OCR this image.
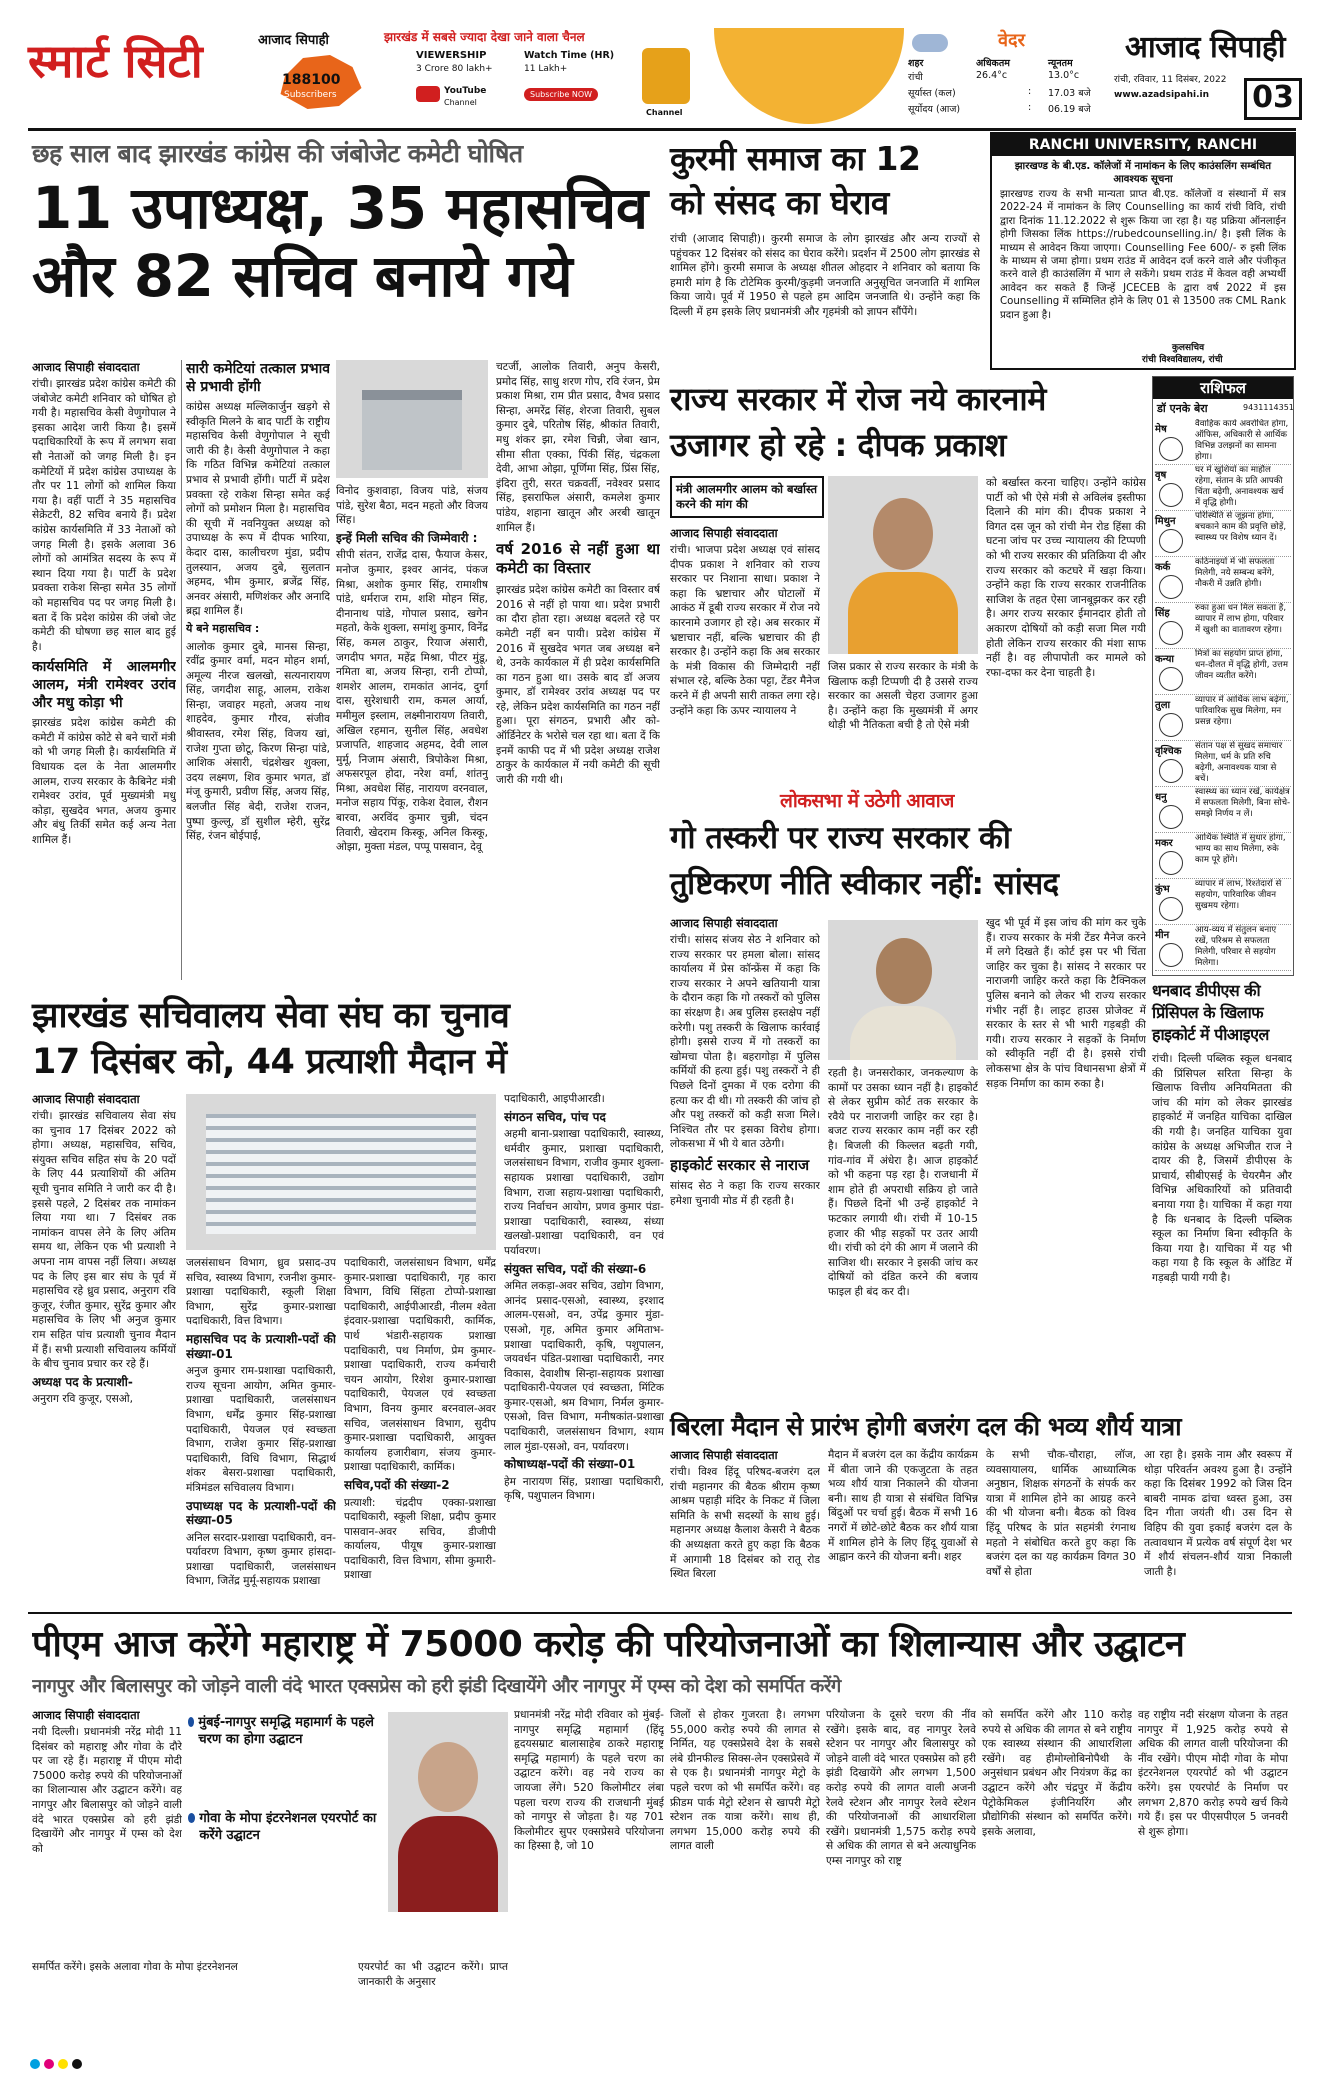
स्मार्ट सिटी	आजाद सिपाही
188100
Subscribers
झारखंड में सबसे ज्यादा देखा जाने वाला चैनल
VIEWERSHIP
3 Crore 80 lakh+
Watch Time (HR)
11 Lakh+
YouTube
Channel
Subscribe NOW
Channel
वेदर
शहर	अधिकतम	न्यूनतम
रांची	26.4°c	13.0°c
सूर्यास्त (कल)	: 17.03 बजे
सूर्योदय (आज)	: 06.19 बजे
आजाद सिपाही
रांची, रविवार, 11 दिसंबर, 2022
www.azadsipahi.in 03
छह साल बाद झारखंड कांग्रेस की जंबोजेट कमेटी घोषित
11 उपाध्यक्ष, 35 महासचिव
और 82 सचिव बनाये गये
आजाद सिपाही संवाददाता

रांची। झारखंड प्रदेश कांग्रेस कमेटी की जंबोजेट कमेटी शनिवार को घोषित हो गयी है। महासचिव केसी वेणुगोपाल ने इसका आदेश जारी किया है। इसमें पदाधिकारियों के रूप में लगभग सवा सौ नेताओं को जगह मिली है। इन कमेटियों में प्रदेश कांग्रेस उपाध्यक्ष के तौर पर 11 लोगों को शामिल किया गया है। वहीं पार्टी ने 35 महासचिव सेक्रेटरी, 82 सचिव बनाये हैं। प्रदेश कांग्रेस कार्यसमिति में 33 नेताओं को जगह मिली है। इसके अलावा 36 लोगों को आमंत्रित सदस्य के रूप में स्थान दिया गया है। पार्टी के प्रदेश प्रवक्ता राकेश सिन्हा समेत 35 लोगों को महासचिव पद पर जगह मिली है। बता दें कि प्रदेश कांग्रेस की जंबो जेट कमेटी की घोषणा छह साल बाद हुई है।

कार्यसमिति में आलमगीर आलम, मंत्री रामेश्वर उरांव और मधु कोड़ा भी

झारखंड प्रदेश कांग्रेस कमेटी की कमेटी में कांग्रेस कोटे से बने चारों मंत्री को भी जगह मिली है। कार्यसमिति में विधायक दल के नेता आलमगीर आलम, राज्य सरकार के कैबिनेट मंत्री रामेश्वर उरांव, पूर्व मुख्यमंत्री मधु कोड़ा, सुखदेव भगत, अजय कुमार और बंधु तिर्की समेत कई अन्य नेता शामिल हैं।

सारी कमेटियां तत्काल प्रभाव से प्रभावी होंगी

कांग्रेस अध्यक्ष मल्लिकार्जुन खड़गे से स्वीकृति मिलने के बाद पार्टी के राष्ट्रीय महासचिव केसी वेणुगोपाल ने सूची जारी की है। केसी वेणुगोपाल ने कहा कि गठित विभिन्न कमेटियां तत्काल प्रभाव से प्रभावी होंगी। पार्टी में प्रदेश प्रवक्ता रहे राकेश सिन्हा समेत कई लोगों को प्रमोशन मिला है। महासचिव की सूची में नवनियुक्त अध्यक्ष को उपाध्यक्ष के रूप में दीपक भारिया, केदार दास, कालीचरण मुंडा, प्रदीप तुलस्यान, अजय दुबे, सुलतान अहमद, भीम कुमार, ब्रजेंद्र सिंह, अनवर अंसारी, मणिशंकर और अनादि ब्रह्म शामिल हैं।

ये बने महासचिव :

आलोक कुमार दुबे, मानस सिन्हा, रवींद्र कुमार वर्मा, मदन मोहन शर्मा, अमूल्य नीरज खलखो, सत्यनारायण सिंह, जगदीश साहू, आलम, राकेश सिन्हा, जवाहर महतो, अजय नाथ शाहदेव, कुमार गौरव, संजीव श्रीवास्तव, रमेश सिंह, विजय खां, राजेश गुप्ता छोटू, किरण सिन्हा पांडे, आशिक अंसारी, चंद्रशेखर शुक्ला, उदय लक्ष्मण, शिव कुमार भगत, डॉ मंजू कुमारी, प्रवीण सिंह, अजय सिंह, बलजीत सिंह बेदी, राजेश राजन, पुष्पा कुल्लू, डॉ सुशील म्हेरी, सुरेंद्र सिंह, रंजन बोईपाई,

विनोद कुशवाहा, विजय पांडे, संजय पांडे, सुरेश बैठा, मदन महतो और विजय सिंह।

इन्हें मिली सचिव की जिम्मेवारी :

सीपी संतन, राजेंद्र दास, फैयाज केसर, मनोज कुमार, इश्वर आनंद, पंकज मिश्रा, अशोक कुमार सिंह, रामाशीष पांडे, धर्मराज राम, शशि मोहन सिंह, दीनानाथ पांडे, गोपाल प्रसाद, खगेन महतो, केके शुक्ला, समांशु कुमार, विनेंद्र सिंह, कमल ठाकुर, रियाज अंसारी, जगदीप भगत, महेंद्र मिश्रा, पीटर मुंडू, नमिता बा, अजय सिन्हा, रानी टोप्पो, शमशेर आलम, रामकांत आनंद, दुर्गा दास, सुरेशधारी राम, कमल आर्या, ममीमुल इस्लाम, लक्ष्मीनारायण तिवारी, अखिल रहमान, सुनील सिंह, अवधेश प्रजापति, शाहजाद अहमद, देवी लाल मुर्मू, निजाम अंसारी, त्रिपोकेश मिश्रा, अफसरपूल होदा, नरेश वर्मा, शांतनु मिश्रा, अवधेश सिंह, नारायण वरनवाल, मनोज सहाय पिंकू, राकेश देवाल, रौशन बारवा, अरविंद कुमार चुन्नी, चंदन तिवारी, खेदराम किस्कू, अनिल किस्कू, ओझा, मुक्ता मंडल, पप्पू पासवान, देवू

चटर्जी, आलोक तिवारी, अनुप केसरी, प्रमोद सिंह, साधु शरण गोप, रवि रंजन, प्रेम प्रकाश मिश्रा, राम प्रीत प्रसाद, वैभव प्रसाद सिन्हा, अमरेंद्र सिंह, शेरजा तिवारी, सुबल कुमार दुबे, परितोष सिंह, श्रीकांत तिवारी, मधु शंकर झा, रमेश चिन्नी, जेबा खान, सीमा सीता एक्का, पिंकी सिंह, चंद्रकला देवी, आभा ओझा, पूर्णिमा सिंह, प्रिंस सिंह, इंदिरा तुरी, सरत चक्रवर्ती, नवेश्वर प्रसाद सिंह, इसराफिल अंसारी, कमलेश कुमार पांडेय, शहाना खातून और अरबी खातून शामिल हैं।

वर्ष 2016 से नहीं हुआ था कमेटी का विस्तार

झारखंड प्रदेश कांग्रेस कमेटी का विस्तार वर्ष 2016 से नहीं हो पाया था। प्रदेश प्रभारी का दौरा होता रहा। अध्यक्ष बदलते रहे पर कमेटी नहीं बन पायी। प्रदेश कांग्रेस में 2016 में सुखदेव भगत जब अध्यक्ष बने थे, उनके कार्यकाल में ही प्रदेश कार्यसमिति का गठन हुआ था। उसके बाद डॉ अजय कुमार, डॉ रामेश्वर उरांव अध्यक्ष पद पर रहे, लेकिन प्रदेश कार्यसमिति का गठन नहीं हुआ। पूरा संगठन, प्रभारी और को-ऑर्डिनेटर के भरोसे चल रहा था। बता दें कि इनमें काफी पद में भी प्रदेश अध्यक्ष राजेश ठाकुर के कार्यकाल में नयी कमेटी की सूची जारी की गयी थी।

कुरमी समाज का 12
को संसद का घेराव
रांची (आजाद सिपाही)। कुरमी समाज के लोग झारखंड और अन्य राज्यों से पहुंचकर 12 दिसंबर को संसद का घेराव करेंगे। प्रदर्शन में 2500 लोग झारखंड से शामिल होंगे। कुरमी समाज के अध्यक्ष शीतल ओहदार ने शनिवार को बताया कि हमारी मांग है कि टोटेमिक कुरमी/कुड़मी जनजाति अनुसूचित जनजाति में शामिल किया जाये। पूर्व में 1950 से पहले हम आदिम जनजाति थे। उन्होंने कहा कि दिल्ली में हम इसके लिए प्रधानमंत्री और गृहमंत्री को ज्ञापन सौंपेंगे।
RANCHI UNIVERSITY, RANCHI
झारखण्ड के बी.एड. कॉलेजों में नामांकन के लिए काउंसलिंग सम्बंधित आवश्यक सूचना
झारखण्ड राज्य के सभी मान्यता प्राप्त बी.एड. कॉलेजों व संस्थानों में सत्र 2022-24 में नामांकन के लिए Counselling का कार्य रांची विवि, रांची द्वारा दिनांक 11.12.2022 से शुरू किया जा रहा है। यह प्रक्रिया ऑनलाईन होगी जिसका लिंक https://rubedcounselling.in/ है। इसी लिंक के माध्यम से आवेदन किया जाएगा। Counselling Fee 600/- रु इसी लिंक के माध्यम से जमा होगा। प्रथम राउंड में आवेदन दर्ज करने वाले और पंजीकृत करने वाले ही काउंसलिंग में भाग ले सकेंगे। प्रथम राउंड में केवल वही अभ्यर्थी आवेदन कर सकते हैं जिन्हें JCECEB के द्वारा वर्ष 2022 में इस Counselling में सम्मिलित होने के लिए 01 से 13500 तक CML Rank प्रदान हुआ है।
कुलसचिव
रांची विश्वविद्यालय, रांची
राज्य सरकार में रोज नये कारनामे
उजागर हो रहे : दीपक प्रकाश
मंत्री आलमगीर आलम को बर्खास्त करने की मांग की
आजाद सिपाही संवाददाता

रांची। भाजपा प्रदेश अध्यक्ष एवं सांसद दीपक प्रकाश ने शनिवार को राज्य सरकार पर निशाना साधा। प्रकाश ने कहा कि भ्रष्टाचार और घोटालों में आकंठ में डूबी राज्य सरकार में रोज नये कारनामे उजागर हो रहे। अब सरकार में भ्रष्टाचार नहीं, बल्कि भ्रष्टाचार की ही सरकार है। उन्होंने कहा कि अब सरकार के मंत्री विकास की जिम्मेदारी नहीं संभाल रहे, बल्कि ठेका पट्टा, टेंडर मैनेज करने में ही अपनी सारी ताकत लगा रहे। उन्होंने कहा कि ऊपर न्यायालय ने

जिस प्रकार से राज्य सरकार के मंत्री के खिलाफ कड़ी टिप्पणी दी है उससे राज्य सरकार का असली चेहरा उजागर हुआ है। उन्होंने कहा कि मुख्यमंत्री में अगर थोड़ी भी नैतिकता बची है तो ऐसे मंत्री
को बर्खास्त करना चाहिए। उन्होंने कांग्रेस पार्टी को भी ऐसे मंत्री से अविलंब इस्तीफा दिलाने की मांग की। दीपक प्रकाश ने विगत दस जून को रांची मेन रोड हिंसा की घटना जांच पर उच्च न्यायालय की टिप्पणी को भी राज्य सरकार की प्रतिक्रिया दी और राज्य सरकार को कटघरे में खड़ा किया। उन्होंने कहा कि राज्य सरकार राजनीतिक साजिश के तहत ऐसा जानबूझकर कर रही है। अगर राज्य सरकार ईमानदार होती तो अकारण दोषियों को कड़ी सजा मिल गयी होती लेकिन राज्य सरकार की मंशा साफ नहीं है। वह लीपापोती कर मामले को रफा-दफा कर देना चाहती है।
राशिफल
डॉ एनके बेरा	9431114351
मेष	वैवाहिक कार्य अवरोधित होगा, ऑफिस, अधिकारी से आर्थिक विभिन्न उलझनों का सामना होगा।
वृष	घर में खुशियों का माहौल रहेगा, संतान के प्रति आपकी चिंता बढ़ेगी, अनावश्यक खर्च में वृद्धि होगी।
मिथुन	परिस्थिति से जूझना होगा, बचकाने काम की प्रवृत्ति छोड़ें, स्वास्थ्य पर विशेष ध्यान दें।
कर्क	कठिनाइयों में भी सफलता मिलेगी, नये सम्बन्ध बनेंगे, नौकरी में उन्नति होगी।
सिंह	रुका हुआ धन मिल सकता है, व्यापार में लाभ होगा, परिवार में खुशी का वातावरण रहेगा।
कन्या	मित्रों का सहयोग प्राप्त होगा, धन-दौलत में वृद्धि होगी, उत्तम जीवन व्यतीत करेंगे।
तुला	व्यापार में आर्थिक लाभ बढ़ेगा, पारिवारिक सुख मिलेगा, मन प्रसन्न रहेगा।
वृश्चिक	संतान पक्ष से सुखद समाचार मिलेगा, धर्म के प्रति रुचि बढ़ेगी, अनावश्यक यात्रा से बचें।
धनु	स्वास्थ्य का ध्यान रखें, कार्यक्षेत्र में सफलता मिलेगी, बिना सोचे-समझे निर्णय न लें।
मकर	आर्थिक स्थिति में सुधार होगा, भाग्य का साथ मिलेगा, रुके काम पूरे होंगे।
कुंभ	व्यापार में लाभ, रिश्तेदारों से सहयोग, पारिवारिक जीवन सुखमय रहेगा।
मीन	आय-व्यय में संतुलन बनाए रखें, परिश्रम से सफलता मिलेगी, परिवार से सहयोग मिलेगा।
लोकसभा में उठेगी आवाज
गो तस्करी पर राज्य सरकार की
तुष्टिकरण नीति स्वीकार नहीं: सांसद
आजाद सिपाही संवाददाता

रांची। सांसद संजय सेठ ने शनिवार को राज्य सरकार पर हमला बोला। सांसद कार्यालय में प्रेस कॉन्फ्रेंस में कहा कि राज्य सरकार ने अपने खतियानी यात्रा के दौरान कहा कि गो तस्करों को पुलिस का संरक्षण है। अब पुलिस हस्तक्षेप नहीं करेगी। पशु तस्करी के खिलाफ कार्रवाई होगी। इससे राज्य में गो तस्करों का खोमचा पोता है। बहरागोड़ा में पुलिस कर्मियों की हत्या हुई। पशु तस्करों ने ही पिछले दिनों दुमका में एक दरोगा की हत्या कर दी थी। गो तस्करी की जांच हो और पशु तस्करों को कड़ी सजा मिले। निश्चित तौर पर इसका विरोध होगा। लोकसभा में भी ये बात उठेगी।

हाइकोर्ट सरकार से नाराज

सांसद सेठ ने कहा कि राज्य सरकार हमेशा चुनावी मोड में ही रहती है।

रहती है। जनसरोकार, जनकल्याण के कामों पर उसका ध्यान नहीं है। हाइकोर्ट से लेकर सुप्रीम कोर्ट तक सरकार के रवैये पर नाराजगी जाहिर कर रहा है। बजट राज्य सरकार काम नहीं कर रही है। बिजली की किल्लत बढ़ती गयी, गांव-गांव में अंधेरा है। आज हाइकोर्ट को भी कहना पड़ रहा है। राजधानी में शाम होते ही अपराधी सक्रिय हो जाते हैं। पिछले दिनों भी उन्हें हाइकोर्ट ने फटकार लगायी थी। रांची में 10-15 हजार की भीड़ सड़कों पर उतर आयी थी। रांची को दंगे की आग में जलाने की साजिश थी। सरकार ने इसकी जांच कर दोषियों को दंडित करने की बजाय फाइल ही बंद कर दी।
खुद भी पूर्व में इस जांच की मांग कर चुके हैं। राज्य सरकार के मंत्री टेंडर मैनेज करने में लगे दिखते हैं। कोर्ट इस पर भी चिंता जाहिर कर चुका है। सांसद ने सरकार पर नाराजगी जाहिर करते कहा कि टैक्निकल पुलिस बनाने को लेकर भी राज्य सरकार गंभीर नहीं है। लाइट हाउस प्रोजेक्ट में सरकार के स्तर से भी भारी गड़बड़ी की गयी। राज्य सरकार ने सड़कों के निर्माण को स्वीकृति नहीं दी है। इससे रांची लोकसभा क्षेत्र के पांच विधानसभा क्षेत्रों में सड़क निर्माण का काम रुका है।
धनबाद डीपीएस की
प्रिंसिपल के खिलाफ
हाइकोर्ट में पीआइएल
रांची। दिल्ली पब्लिक स्कूल धनबाद की प्रिंसिपल सरिता सिन्हा के खिलाफ वित्तीय अनियमितता की जांच की मांग को लेकर झारखंड हाइकोर्ट में जनहित याचिका दाखिल की गयी है। जनहित याचिका युवा कांग्रेस के अध्यक्ष अभिजीत राज ने दायर की है, जिसमें डीपीएस के प्राचार्य, सीबीएसई के चेयरमैन और विभिन्न अधिकारियों को प्रतिवादी बनाया गया है। याचिका में कहा गया है कि धनबाद के दिल्ली पब्लिक स्कूल का निर्माण बिना स्वीकृति के किया गया है। याचिका में यह भी कहा गया है कि स्कूल के ऑडिट में गड़बड़ी पायी गयी है।
झारखंड सचिवालय सेवा संघ का चुनाव
17 दिसंबर को, 44 प्रत्याशी मैदान में
आजाद सिपाही संवाददाता

रांची। झारखंड सचिवालय सेवा संघ का चुनाव 17 दिसंबर 2022 को होगा। अध्यक्ष, महासचिव, सचिव, संयुक्त सचिव सहित संघ के 20 पदों के लिए 44 प्रत्याशियों की अंतिम सूची चुनाव समिति ने जारी कर दी है। इससे पहले, 2 दिसंबर तक नामांकन लिया गया था। 7 दिसंबर तक नामांकन वापस लेने के लिए अंतिम समय था, लेकिन एक भी प्रत्याशी ने अपना नाम वापस नहीं लिया। अध्यक्ष पद के लिए इस बार संघ के पूर्व में महासचिव रहे ध्रुव प्रसाद, अनुराग रवि कुजूर, रंजीत कुमार, सुरेंद्र कुमार और महासचिव के लिए भी अनुज कुमार राम सहित पांच प्रत्याशी चुनाव मैदान में हैं। सभी प्रत्याशी सचिवालय कर्मियों के बीच चुनाव प्रचार कर रहे हैं।

अध्यक्ष पद के प्रत्याशी-

अनुराग रवि कुजूर, एसओ,

जलसंसाधन विभाग, ध्रुव प्रसाद-उप सचिव, स्वास्थ्य विभाग, रजनीश कुमार-प्रशाखा पदाधिकारी, स्कूली शिक्षा विभाग, सुरेंद्र कुमार-प्रशाखा पदाधिकारी, वित्त विभाग।

महासचिव पद के प्रत्याशी-पदों की संख्या-01

अनुज कुमार राम-प्रशाखा पदाधिकारी, राज्य सूचना आयोग, अमित कुमार-प्रशाखा पदाधिकारी, जलसंसाधन विभाग, धर्मेंद्र कुमार सिंह-प्रशाखा पदाधिकारी, पेयजल एवं स्वच्छता विभाग, राजेश कुमार सिंह-प्रशाखा पदाधिकारी, विधि विभाग, सिद्धार्थ शंकर बेसरा-प्रशाखा पदाधिकारी, मंत्रिमंडल सचिवालय विभाग।

उपाध्यक्ष पद के प्रत्याशी-पदों की संख्या-05

अनिल सरदार-प्रशाखा पदाधिकारी, वन-पर्यावरण विभाग, कृष्ण कुमार हांसदा-प्रशाखा पदाधिकारी, जलसंसाधन विभाग, जितेंद्र मुर्मू-सहायक प्रशाखा

पदाधिकारी, जलसंसाधन विभाग, धर्मेंद्र कुमार-प्रशाखा पदाधिकारी, गृह कारा विभाग, विधि सिंहता टोप्पो-प्रशाखा पदाधिकारी, आईपीआरडी, नीलम श्वेता इंदवार-प्रशाखा पदाधिकारी, कार्मिक, पार्थ भंडारी-सहायक प्रशाखा पदाधिकारी, पथ निर्माण, प्रेम कुमार-प्रशाखा पदाधिकारी, राज्य कर्मचारी चयन आयोग, रिशेश कुमार-प्रशाखा पदाधिकारी, पेयजल एवं स्वच्छता विभाग, विनय कुमार बरनवाल-अवर सचिव, जलसंसाधन विभाग, सुदीप कुमार-प्रशाखा पदाधिकारी, आयुक्त कार्यालय हजारीबाग, संजय कुमार-प्रशाखा पदाधिकारी, कार्मिक।

सचिव,पदों की संख्या-2

प्रत्याशी: चंद्रदीप एक्का-प्रशाखा पदाधिकारी, स्कूली शिक्षा, प्रदीप कुमार पासवान-अवर सचिव, डीजीपी कार्यालय, पीयूष कुमार-प्रशाखा पदाधिकारी, वित्त विभाग, सीमा कुमारी-प्रशाखा

पदाधिकारी, आइपीआरडी।

संगठन सचिव, पांच पद

अहमी बाना-प्रशाखा पदाधिकारी, स्वास्थ्य, धर्मवीर कुमार, प्रशाखा पदाधिकारी, जलसंसाधन विभाग, राजीव कुमार शुक्ला-सहायक प्रशाखा पदाधिकारी, उद्योग विभाग, राजा सहाय-प्रशाखा पदाधिकारी, राज्य निर्वाचन आयोग, प्रणव कुमार पंडा-प्रशाखा पदाधिकारी, स्वास्थ्य, संध्या खलखो-प्रशाखा पदाधिकारी, वन एवं पर्यावरण।

संयुक्त सचिव, पदों की संख्या-6

अमित लकड़ा-अवर सचिव, उद्योग विभाग, आनंद प्रसाद-एसओ, स्वास्थ्य, इरशाद आलम-एसओ, वन, उपेंद्र कुमार मुंडा-एसओ, गृह, अमित कुमार अमिताभ-प्रशाखा पदाधिकारी, कृषि, पशुपालन, जयवर्धन पंडित-प्रशाखा पदाधिकारी, नगर विकास, देवाशीष सिन्हा-सहायक प्रशाखा पदाधिकारी-पेयजल एवं स्वच्छता, मिंटिक कुमार-एसओ, श्रम विभाग, निर्मल कुमार-एसओ, वित्त विभाग, मनीषकांत-प्रशाखा पदाधिकारी, जलसंसाधन विभाग, श्याम लाल मुंडा-एसओ, वन, पर्यावरण।

कोषाध्यक्ष-पदों की संख्या-01

हेम नारायण सिंह, प्रशाखा पदाधिकारी, कृषि, पशुपालन विभाग।

बिरला मैदान से प्रारंभ होगी बजरंग दल की भव्य शौर्य यात्रा
आजाद सिपाही संवाददाता

रांची। विश्व हिंदू परिषद-बजरंग दल रांची महानगर की बैठक श्रीराम कृष्ण आश्रम पहाड़ी मंदिर के निकट में जिला समिति के सभी सदस्यों के साथ हुई। महानगर अध्यक्ष कैलाश केसरी ने बैठक की अध्यक्षता करते हुए कहा कि बैठक में आगामी 18 दिसंबर को रातू रोड स्थित बिरला

मैदान में बजरंग दल का केंद्रीय कार्यक्रम में बीता जाने की एकजुटता के तहत भव्य शौर्य यात्रा निकालने की योजना बनी। साथ ही यात्रा से संबंधित विभिन्न बिंदुओं पर चर्चा हुई। बैठक में सभी 16 नगरों में छोटे-छोटे बैठक कर शौर्य यात्रा में शामिल होने के लिए हिंदू युवाओं से आह्वान करने की योजना बनी। शहर
के सभी चौक-चौराहा, लॉज, व्यवसायालय, धार्मिक आध्यात्मिक अनुष्ठान, शिक्षक संगठनों के संपर्क कर यात्रा में शामिल होने का आग्रह करने की भी योजना बनी। बैठक को विश्व हिंदू परिषद के प्रांत सहमंत्री रंगनाथ महतो ने संबोधित करते हुए कहा कि बजरंग दल का यह कार्यक्रम विगत 30 वर्षों से होता
आ रहा है। इसके नाम और स्वरूप में थोड़ा परिवर्तन अवश्य हुआ है। उन्होंने कहा कि दिसंबर 1992 को जिस दिन बाबरी नामक ढांचा ध्वस्त हुआ, उस दिन गीता जयंती थी। उस दिन से विहिप की युवा इकाई बजरंग दल के तत्वावधान में प्रत्येक वर्ष संपूर्ण देश भर में शौर्य संचलन-शौर्य यात्रा निकाली जाती है।
पीएम आज करेंगे महाराष्ट्र में 75000 करोड़ की परियोजनाओं का शिलान्यास और उद्घाटन
नागपुर और बिलासपुर को जोड़ने वाली वंदे भारत एक्सप्रेस को हरी झंडी दिखायेंगे और नागपुर में एम्स को देश को समर्पित करेंगे
आजाद सिपाही संवाददाता

नयी दिल्ली। प्रधानमंत्री नरेंद्र मोदी 11 दिसंबर को महाराष्ट्र और गोवा के दौरे पर जा रहे हैं। महाराष्ट्र में पीएम मोदी 75000 करोड़ रुपये की परियोजनाओं का शिलान्यास और उद्घाटन करेंगे। वह नागपुर और बिलासपुर को जोड़ने वाली वंदे भारत एक्सप्रेस को हरी झंडी दिखायेंगे और नागपुर में एम्स को देश को

मुंबई-नागपुर समृद्धि महामार्ग के पहले चरण का होगा उद्घाटन
गोवा के मोपा इंटरनेशनल एयरपोर्ट का करेंगे उद्घाटन
समर्पित करेंगे। इसके अलावा गोवा के मोपा इंटरनेशनल	एयरपोर्ट का भी उद्घाटन करेंगे। प्राप्त जानकारी के अनुसार
प्रधानमंत्री नरेंद्र मोदी रविवार को मुंबई-नागपुर समृद्धि महामार्ग (हिंदू हृदयसम्राट बालासाहेब ठाकरे महाराष्ट्र समृद्धि महामार्ग) के पहले चरण का उद्घाटन करेंगे। वह नये राज्य का जायजा लेंगे। 520 किलोमीटर लंबा पहला चरण राज्य की राजधानी मुंबई को नागपुर से जोड़ता है। यह 701 किलोमीटर सुपर एक्सप्रेसवे परियोजना का हिस्सा है, जो 10
जिलों से होकर गुजरता है। लगभग 55,000 करोड़ रुपये की लागत से निर्मित, यह एक्सप्रेसवे देश के सबसे लंबे ग्रीनफील्ड सिक्स-लेन एक्सप्रेसवे में से एक है। प्रधानमंत्री नागपुर मेट्रो के पहले चरण को भी समर्पित करेंगे। वह फ्रीडम पार्क मेट्रो स्टेशन से खापरी मेट्रो स्टेशन तक यात्रा करेंगे। साथ ही, लगभग 15,000 करोड़ रुपये की लागत वाली
परियोजना के दूसरे चरण की नींव रखेंगे। इसके बाद, वह नागपुर रेलवे स्टेशन पर नागपुर और बिलासपुर को जोड़ने वाली वंदे भारत एक्सप्रेस को हरी झंडी दिखायेंगे और लगभग 1,500 करोड़ रुपये की लागत वाली अजनी रेलवे स्टेशन और नागपुर रेलवे स्टेशन की परियोजनाओं की आधारशिला रखेंगे। प्रधानमंत्री 1,575 करोड़ रुपये से अधिक की लागत से बने अत्याधुनिक एम्स नागपुर को राष्ट्र
को समर्पित करेंगे और 110 करोड़ रुपये से अधिक की लागत से बने राष्ट्रीय एक स्वास्थ्य संस्थान की आधारशिला रखेंगे। वह हीमोग्लोबिनोपैथी के अनुसंधान प्रबंधन और नियंत्रण केंद्र का उद्घाटन करेंगे और चंद्रपुर में केंद्रीय पेट्रोकेमिकल इंजीनियरिंग और प्रौद्योगिकी संस्थान को समर्पित करेंगे। इसके अलावा,
वह राष्ट्रीय नदी संरक्षण योजना के तहत नागपुर में 1,925 करोड़ रुपये से अधिक की लागत वाली परियोजना की नींव रखेंगे। पीएम मोदी गोवा के मोपा इंटरनेशनल एयरपोर्ट को भी उद्घाटन करेंगे। इस एयरपोर्ट के निर्माण पर लगभग 2,870 करोड़ रुपये खर्च किये गये हैं। इस पर पीएसपीएल 5 जनवरी से शुरू होगा।
